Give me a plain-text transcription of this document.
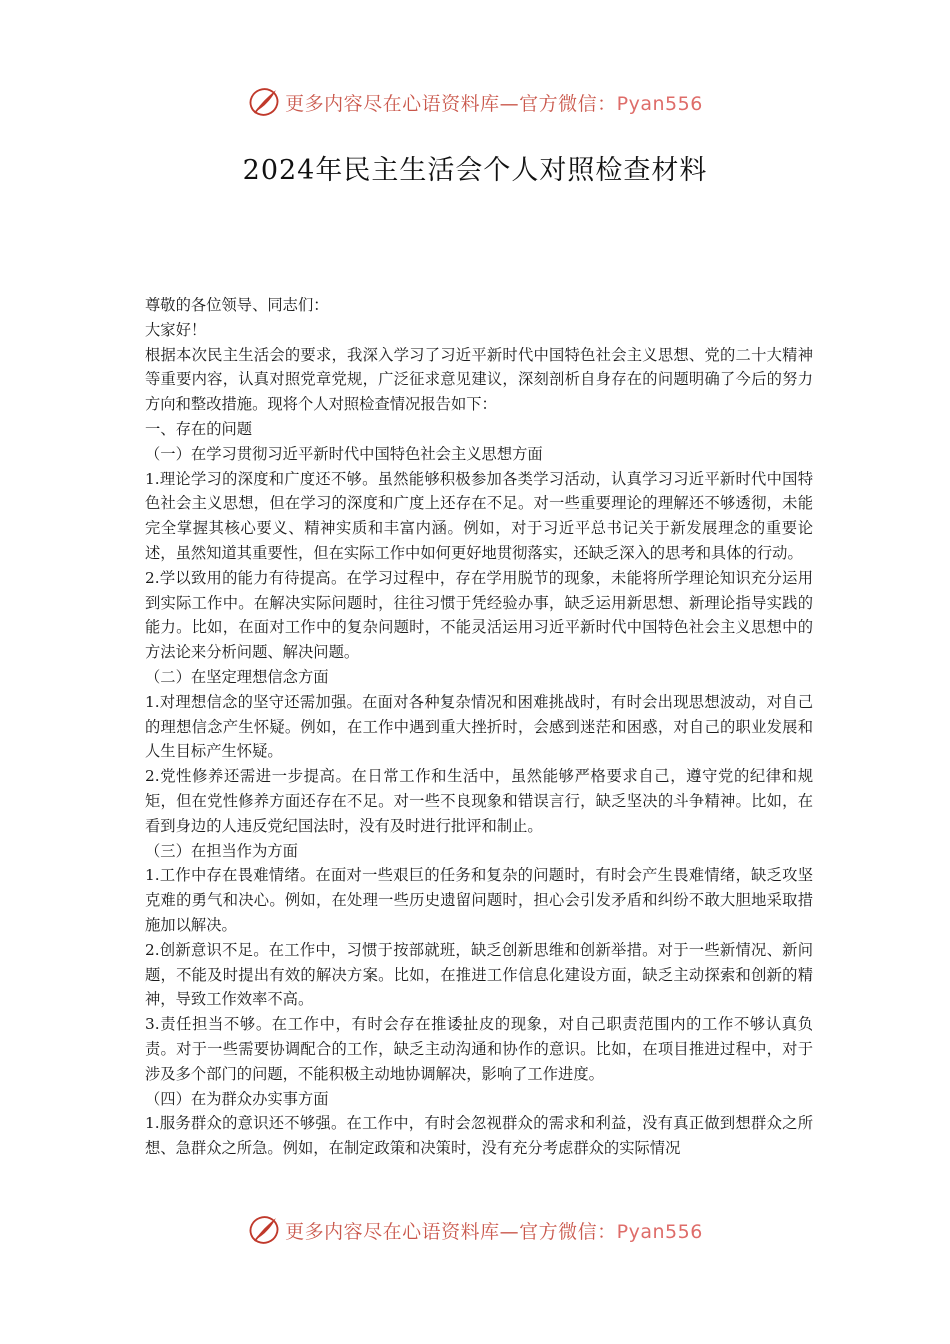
更多内容尽在心语资料库—官方微信：Pyan556
2024年民主生活会个人对照检查材料

尊敬的各位领导、同志们：

大家好！

根据本次民主生活会的要求，我深入学习了习近平新时代中国特色社会主义思想、党的二十大精神等重要内容，认真对照党章党规，广泛征求意见建议，深刻剖析自身存在的问题明确了今后的努力方向和整改措施。现将个人对照检查情况报告如下：

一、存在的问题

（一）在学习贯彻习近平新时代中国特色社会主义思想方面

1.理论学习的深度和广度还不够。虽然能够积极参加各类学习活动，认真学习习近平新时代中国特色社会主义思想，但在学习的深度和广度上还存在不足。对一些重要理论的理解还不够透彻，未能完全掌握其核心要义、精神实质和丰富内涵。例如，对于习近平总书记关于新发展理念的重要论述，虽然知道其重要性，但在实际工作中如何更好地贯彻落实，还缺乏深入的思考和具体的行动。

2.学以致用的能力有待提高。在学习过程中，存在学用脱节的现象，未能将所学理论知识充分运用到实际工作中。在解决实际问题时，往往习惯于凭经验办事，缺乏运用新思想、新理论指导实践的能力。比如，在面对工作中的复杂问题时，不能灵活运用习近平新时代中国特色社会主义思想中的方法论来分析问题、解决问题。

（二）在坚定理想信念方面

1.对理想信念的坚守还需加强。在面对各种复杂情况和困难挑战时，有时会出现思想波动，对自己的理想信念产生怀疑。例如，在工作中遇到重大挫折时，会感到迷茫和困惑，对自己的职业发展和人生目标产生怀疑。

2.党性修养还需进一步提高。在日常工作和生活中，虽然能够严格要求自己，遵守党的纪律和规矩，但在党性修养方面还存在不足。对一些不良现象和错误言行，缺乏坚决的斗争精神。比如，在看到身边的人违反党纪国法时，没有及时进行批评和制止。

（三）在担当作为方面

1.工作中存在畏难情绪。在面对一些艰巨的任务和复杂的问题时，有时会产生畏难情绪，缺乏攻坚克难的勇气和决心。例如，在处理一些历史遗留问题时，担心会引发矛盾和纠纷不敢大胆地采取措施加以解决。

2.创新意识不足。在工作中，习惯于按部就班，缺乏创新思维和创新举措。对于一些新情况、新问题，不能及时提出有效的解决方案。比如，在推进工作信息化建设方面，缺乏主动探索和创新的精神，导致工作效率不高。

3.责任担当不够。在工作中，有时会存在推诿扯皮的现象，对自己职责范围内的工作不够认真负责。对于一些需要协调配合的工作，缺乏主动沟通和协作的意识。比如，在项目推进过程中，对于涉及多个部门的问题，不能积极主动地协调解决，影响了工作进度。

（四）在为群众办实事方面

1.服务群众的意识还不够强。在工作中，有时会忽视群众的需求和利益，没有真正做到想群众之所想、急群众之所急。例如，在制定政策和决策时，没有充分考虑群众的实际情况

更多内容尽在心语资料库—官方微信：Pyan556
